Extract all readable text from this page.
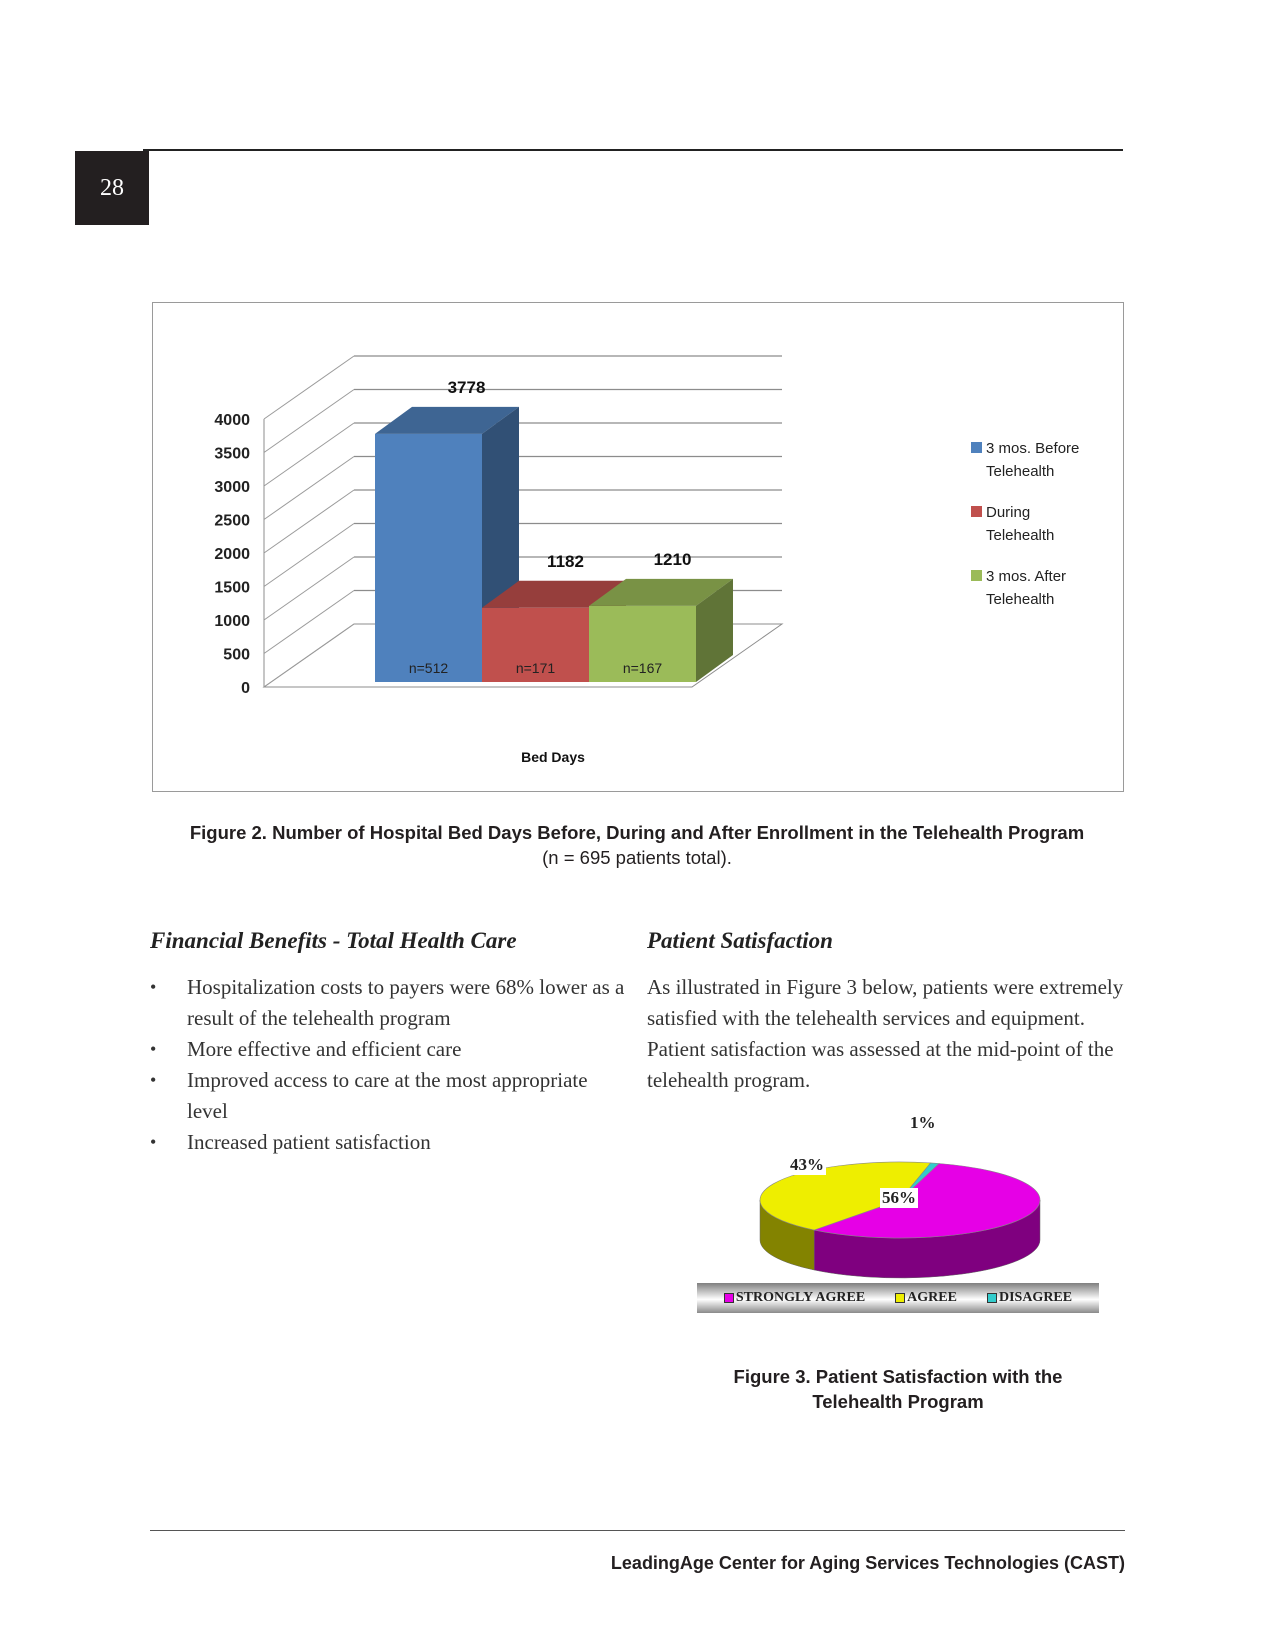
28
0
500
1000
1500
2000
2500
3000
3500
4000
3778
n=512
1182
n=171
1210
n=167
Bed Days
3 mos. Before
Telehealth
During
Telehealth
3 mos. After
Telehealth
Figure 2. Number of Hospital Bed Days Before, During and After Enrollment in the Telehealth Program
(n = 695 patients total).
Financial Benefits - Total Health Care
• Hospitalization costs to payers were 68% lower as a result of the telehealth program
• More effective and efficient care
• Improved access to care at the most appropriate level
• Increased patient satisfaction
Patient Satisfaction

As illustrated in Figure 3 below, patients were extremely satisfied with the telehealth services and equipment. Patient satisfaction was assessed at the mid-point of the telehealth program.

43%
56%
1%
STRONGLY AGREE	AGREE	DISAGREE
Figure 3. Patient Satisfaction with the
Telehealth Program
LeadingAge Center for Aging Services Technologies (CAST)
